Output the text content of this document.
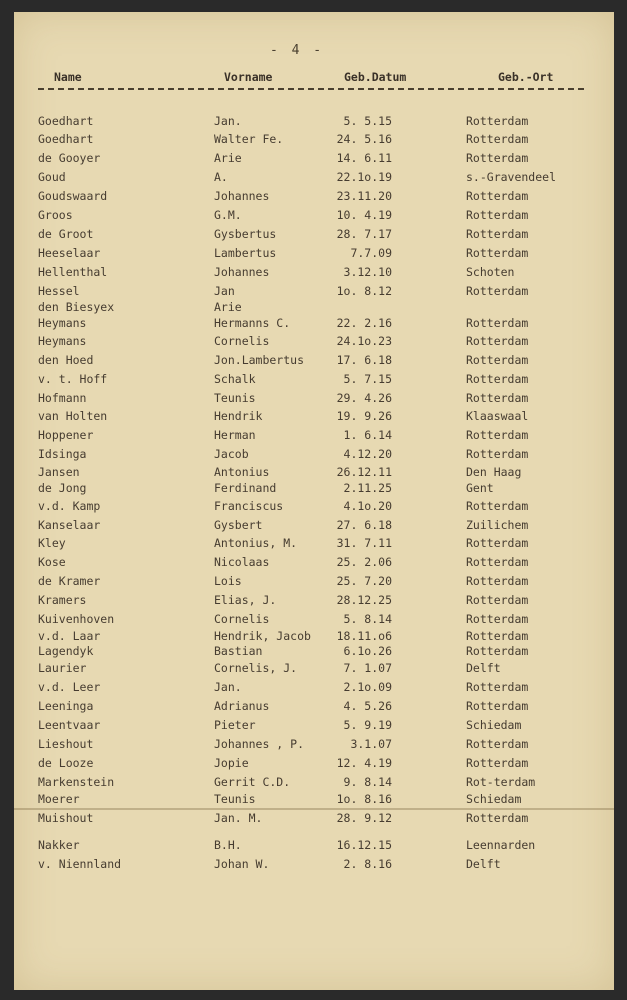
- 4 -
Name	Vorname	Geb.Datum	Geb.-Ort
Goedhart	Jan.	5. 5.15	Rotterdam
Goedhart	Walter Fe.	24. 5.16	Rotterdam
de Gooyer	Arie	14. 6.11	Rotterdam
Goud	A.	22.1o.19	s.-Gravendeel
Goudswaard	Johannes	23.11.20	Rotterdam
Groos	G.M.	10. 4.19	Rotterdam
de Groot	Gysbertus	28. 7.17	Rotterdam
Heeselaar	Lambertus	7.7.09	Rotterdam
Hellenthal	Johannes	3.12.10	Schoten
Hessel	Jan	1o. 8.12	Rotterdam
den Biesyex	Arie
Heymans	Hermanns C.	22. 2.16	Rotterdam
Heymans	Cornelis	24.1o.23	Rotterdam
den Hoed	Jon.Lambertus	17. 6.18	Rotterdam
v. t. Hoff	Schalk	5. 7.15	Rotterdam
Hofmann	Teunis	29. 4.26	Rotterdam
van Holten	Hendrik	19. 9.26	Klaaswaal
Hoppener	Herman	1. 6.14	Rotterdam
Idsinga	Jacob	4.12.20	Rotterdam
Jansen	Antonius	26.12.11	Den Haag
de Jong	Ferdinand	2.11.25	Gent
v.d. Kamp	Franciscus	4.1o.20	Rotterdam
Kanselaar	Gysbert	27. 6.18	Zuilichem
Kley	Antonius, M.	31. 7.11	Rotterdam
Kose	Nicolaas	25. 2.06	Rotterdam
de Kramer	Lois	25. 7.20	Rotterdam
Kramers	Elias, J.	28.12.25	Rotterdam
Kuivenhoven	Cornelis	5. 8.14	Rotterdam
v.d. Laar	Hendrik, Jacob	18.11.o6	Rotterdam
Lagendyk	Bastian	6.1o.26	Rotterdam
Laurier	Cornelis, J.	7. 1.07	Delft
v.d. Leer	Jan.	2.1o.09	Rotterdam
Leeninga	Adrianus	4. 5.26	Rotterdam
Leentvaar	Pieter	5. 9.19	Schiedam
Lieshout	Johannes , P.	3.1.07	Rotterdam
de Looze	Jopie	12. 4.19	Rotterdam
Markenstein	Gerrit C.D.	9. 8.14	Rot-terdam
Moerer	Teunis	1o. 8.16	Schiedam
Muishout	Jan. M.	28. 9.12	Rotterdam
Nakker	B.H.	16.12.15	Leennarden
v. Niennland	Johan W.	2. 8.16	Delft
